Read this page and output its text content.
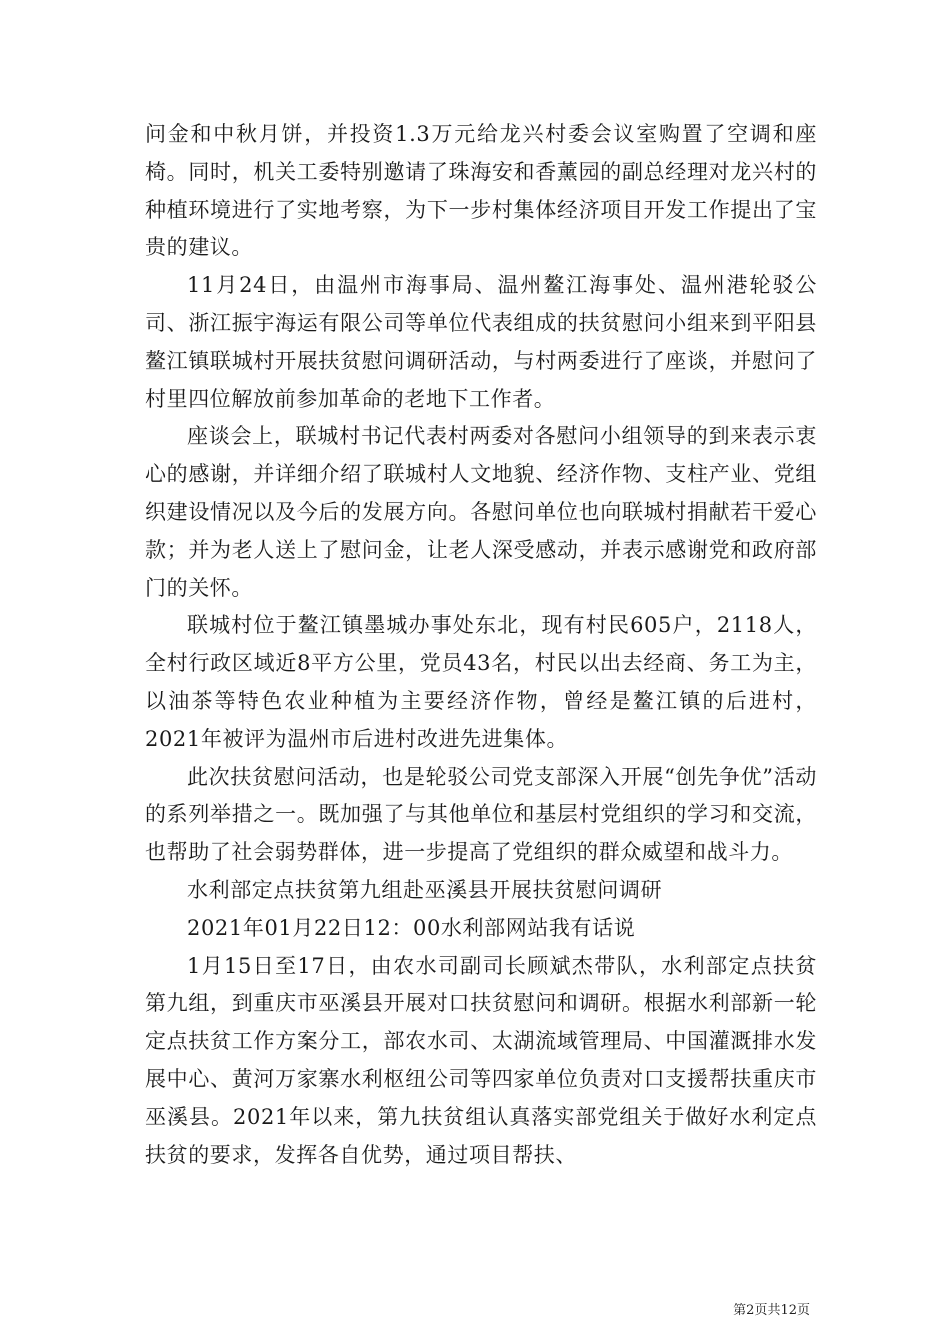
问金和中秋月饼，并投资1.3万元给龙兴村委会议室购置了空调和座椅。同时，机关工委特别邀请了珠海安和香薰园的副总经理对龙兴村的种植环境进行了实地考察，为下一步村集体经济项目开发工作提出了宝贵的建议。

11月24日，由温州市海事局、温州鳌江海事处、温州港轮驳公司、浙江振宇海运有限公司等单位代表组成的扶贫慰问小组来到平阳县鳌江镇联城村开展扶贫慰问调研活动，与村两委进行了座谈，并慰问了村里四位解放前参加革命的老地下工作者。

座谈会上，联城村书记代表村两委对各慰问小组领导的到来表示衷心的感谢，并详细介绍了联城村人文地貌、经济作物、支柱产业、党组织建设情况以及今后的发展方向。各慰问单位也向联城村捐献若干爱心款；并为老人送上了慰问金，让老人深受感动，并表示感谢党和政府部门的关怀。

联城村位于鳌江镇墨城办事处东北，现有村民605户，2118人，全村行政区域近8平方公里，党员43名，村民以出去经商、务工为主，以油茶等特色农业种植为主要经济作物，曾经是鳌江镇的后进村，2021年被评为温州市后进村改进先进集体。

此次扶贫慰问活动，也是轮驳公司党支部深入开展“创先争优”活动的系列举措之一。既加强了与其他单位和基层村党组织的学习和交流，也帮助了社会弱势群体，进一步提高了党组织的群众威望和战斗力。

水利部定点扶贫第九组赴巫溪县开展扶贫慰问调研

2021年01月22日12：00水利部网站我有话说

1月15日至17日，由农水司副司长顾斌杰带队，水利部定点扶贫第九组，到重庆市巫溪县开展对口扶贫慰问和调研。根据水利部新一轮定点扶贫工作方案分工，部农水司、太湖流域管理局、中国灌溉排水发展中心、黄河万家寨水利枢纽公司等四家单位负责对口支援帮扶重庆市巫溪县。2021年以来，第九扶贫组认真落实部党组关于做好水利定点扶贫的要求，发挥各自优势，通过项目帮扶、

第2页共12页
